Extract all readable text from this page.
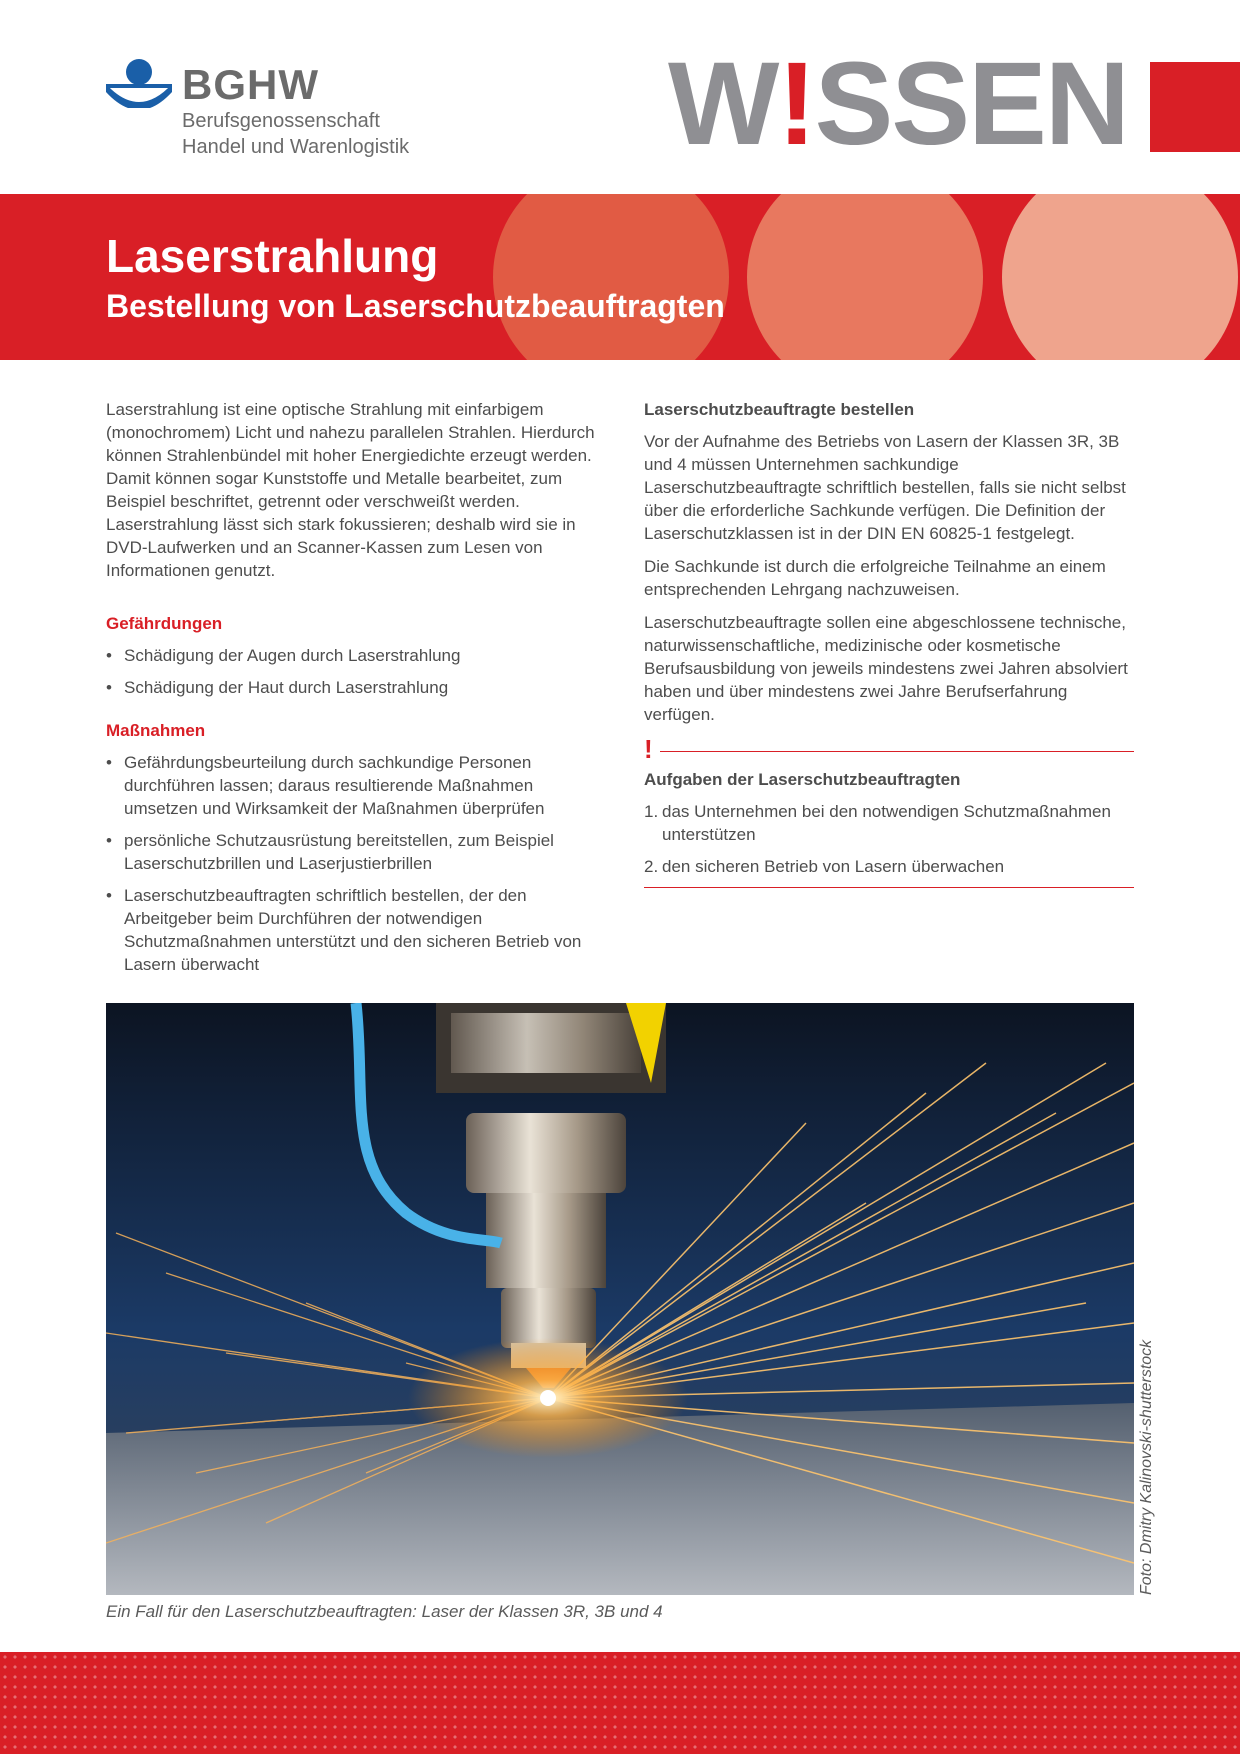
BGHW
Berufsgenossenschaft
Handel und Warenlogistik W!SSEN
Laserstrahlung
Bestellung von Laserschutzbeauftragten

Laserstrahlung ist eine optische Strahlung mit einfarbigem (monochromem) Licht und nahezu parallelen Strahlen. Hierdurch können Strahlenbündel mit hoher Energiedichte erzeugt werden. Damit können sogar Kunststoffe und Metalle bearbeitet, zum Beispiel beschriftet, getrennt oder verschweißt werden. Laserstrahlung lässt sich stark fokussieren; deshalb wird sie in DVD-Laufwerken und an Scanner-Kassen zum Lesen von Informationen genutzt.

Gefährdungen
• Schädigung der Augen durch Laserstrahlung
• Schädigung der Haut durch Laserstrahlung
Maßnahmen
• Gefährdungsbeurteilung durch sachkundige Personen durchführen lassen; daraus resultierende Maßnahmen umsetzen und Wirksamkeit der Maßnahmen überprüfen
• persönliche Schutzausrüstung bereitstellen, zum Beispiel Laserschutzbrillen und Laserjustierbrillen
• Laserschutzbeauftragten schriftlich bestellen, der den Arbeitgeber beim Durchführen der notwendigen Schutzmaßnahmen unterstützt und den sicheren Betrieb von Lasern überwacht
Laserschutzbeauftragte bestellen

Vor der Aufnahme des Betriebs von Lasern der Klassen 3R, 3B und 4 müssen Unternehmen sachkundige Laserschutzbeauftragte schriftlich bestellen, falls sie nicht selbst über die erforderliche Sachkunde verfügen. Die Definition der Laserschutzklassen ist in der DIN EN 60825-1 festgelegt.

Die Sachkunde ist durch die erfolgreiche Teilnahme an einem entsprechenden Lehrgang nachzuweisen.

Laserschutzbeauftragte sollen eine abgeschlossene technische, naturwissenschaftliche, medizinische oder kosmetische Berufsausbildung von jeweils mindestens zwei Jahren absolviert haben und über mindestens zwei Jahre Berufserfahrung verfügen.

!
Aufgaben der Laserschutzbeauftragten
1. das Unternehmen bei den notwendigen Schutzmaßnahmen unterstützen
2. den sicheren Betrieb von Lasern überwachen
Foto: Dmitry Kalinovski-shutterstock
Ein Fall für den Laserschutzbeauftragten: Laser der Klassen 3R, 3B und 4
